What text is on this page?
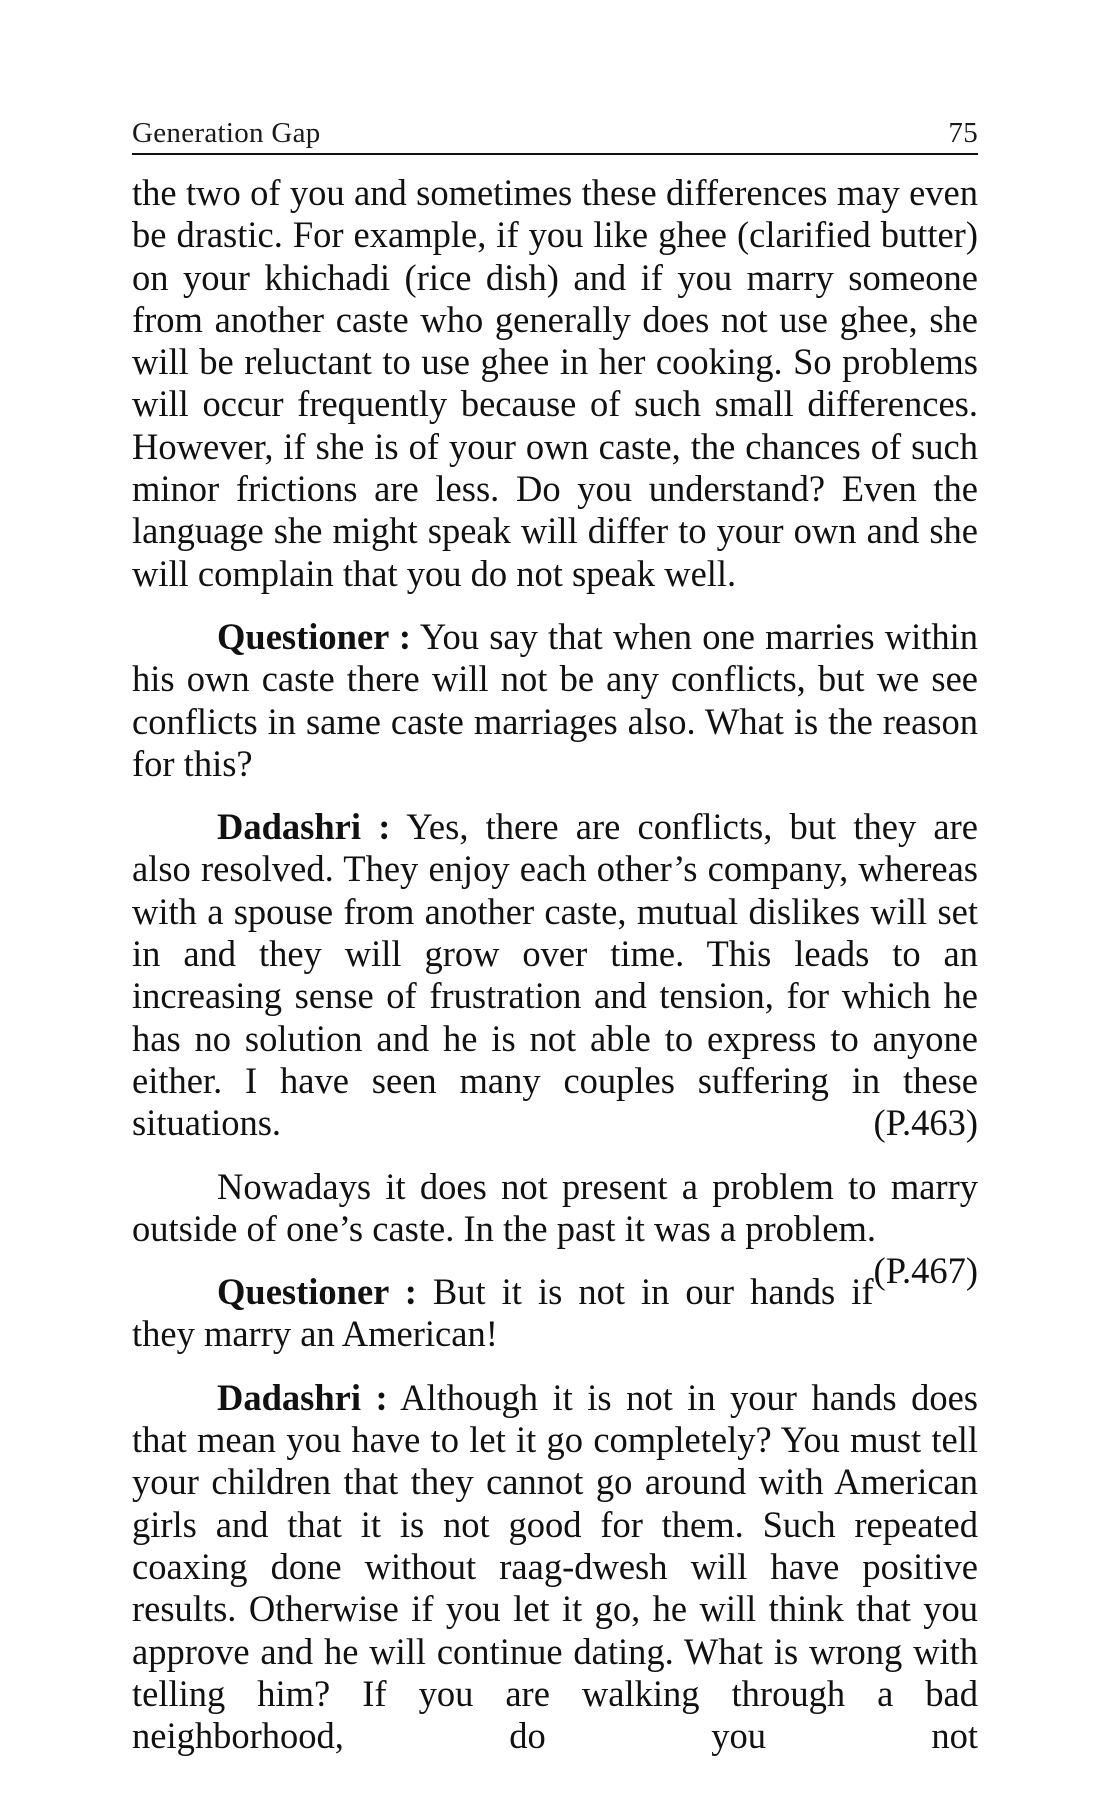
Generation Gap	75

the two of you and sometimes these differences may even be drastic. For example, if you like ghee (clarified butter) on your khichadi (rice dish) and if you marry someone from another caste who generally does not use ghee, she will be reluctant to use ghee in her cooking. So problems will occur frequently because of such small differences. However, if she is of your own caste, the chances of such minor frictions are less. Do you understand? Even the language she might speak will differ to your own and she will complain that you do not speak well.

Questioner : You say that when one marries within his own caste there will not be any conflicts, but we see conflicts in same caste marriages also. What is the reason for this?

Dadashri : Yes, there are conflicts, but they are also resolved. They enjoy each other’s company, whereas with a spouse from another caste, mutual dislikes will set in and they will grow over time. This leads to an increasing sense of frustration and tension, for which he has no solution and he is not able to express to anyone either. I have seen many couples suffering in these situations.	(P.463)

Nowadays it does not present a problem to marry outside of one’s caste. In the past it was a problem.
(P.467)

Questioner : But it is not in our hands if they marry an American!

Dadashri : Although it is not in your hands does that mean you have to let it go completely? You must tell your children that they cannot go around with American girls and that it is not good for them. Such repeated coaxing done without raag-dwesh will have positive results. Otherwise if you let it go, he will think that you approve and he will continue dating. What is wrong with telling him? If you are walking through a bad neighborhood, do you not
